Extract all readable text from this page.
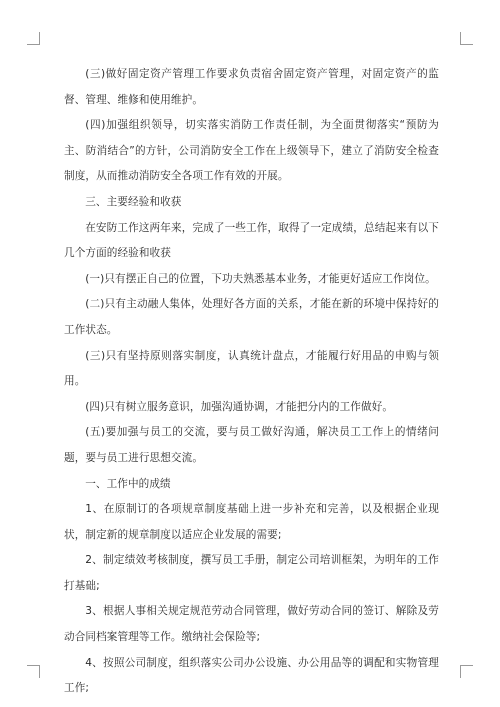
(三)做好固定资产管理工作要求负责宿舍固定资产管理，对固定资产的监督、管理、维修和使用维护。

(四)加强组织领导，切实落实消防工作责任制，为全面贯彻落实“预防为主、防消结合”的方针，公司消防安全工作在上级领导下，建立了消防安全检查制度，从而推动消防安全各项工作有效的开展。

三、主要经验和收获

在安防工作这两年来，完成了一些工作，取得了一定成绩，总结起来有以下几个方面的经验和收获

(一)只有摆正自己的位置，下功夫熟悉基本业务，才能更好适应工作岗位。

(二)只有主动融人集体，处理好各方面的关系，才能在新的环境中保持好的工作状态。

(三)只有坚持原则落实制度，认真统计盘点，才能履行好用品的申购与领用。

(四)只有树立服务意识，加强沟通协调，才能把分内的工作做好。

(五)要加强与员工的交流，要与员工做好沟通，解决员工工作上的情绪问题，要与员工进行思想交流。

一、工作中的成绩

1、在原制订的各项规章制度基础上进一步补充和完善，以及根据企业现状，制定新的规章制度以适应企业发展的需要;

2、制定绩效考核制度，撰写员工手册，制定公司培训框架，为明年的工作打基础;

3、根据人事相关规定规范劳动合同管理，做好劳动合同的签订、解除及劳动合同档案管理等工作。缴纳社会保险等;

4、按照公司制度，组织落实公司办公设施、办公用品等的调配和实物管理工作;
